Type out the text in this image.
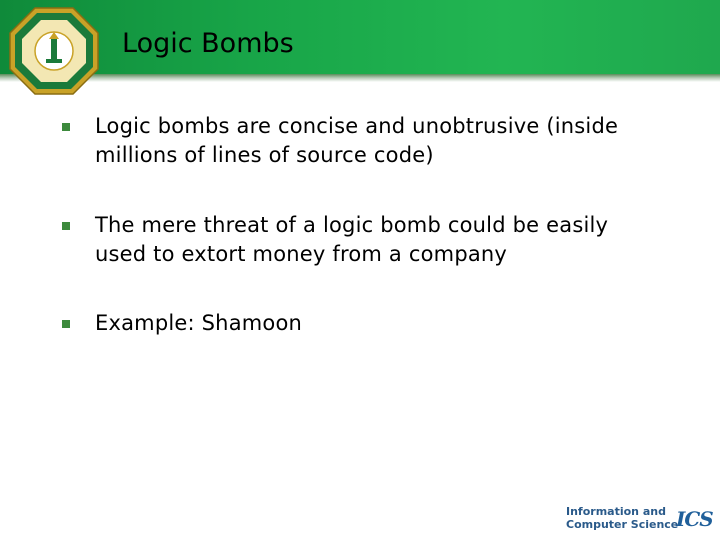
Logic Bombs
Logic bombs are concise and unobtrusive (inside
millions of lines of source code)
The mere threat of a logic bomb could be easily
used to extort money from a company
Example: Shamoon
Information and
Computer Science
ICS
